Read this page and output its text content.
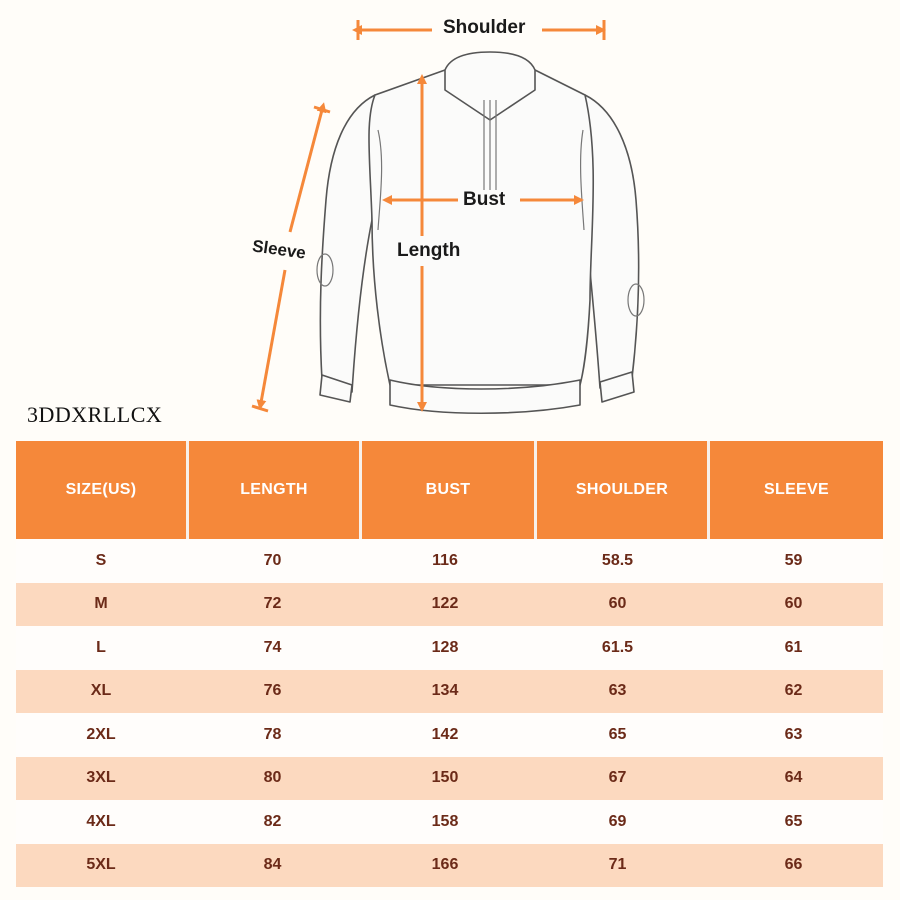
Shoulder
Bust
Length
Sleeve
3DDXRLLCX
SIZE(US)	LENGTH	BUST	SHOULDER	SLEEVE
S	70	116	58.5	59
M	72	122	60	60
L	74	128	61.5	61
XL	76	134	63	62
2XL	78	142	65	63
3XL	80	150	67	64
4XL	82	158	69	65
5XL	84	166	71	66
